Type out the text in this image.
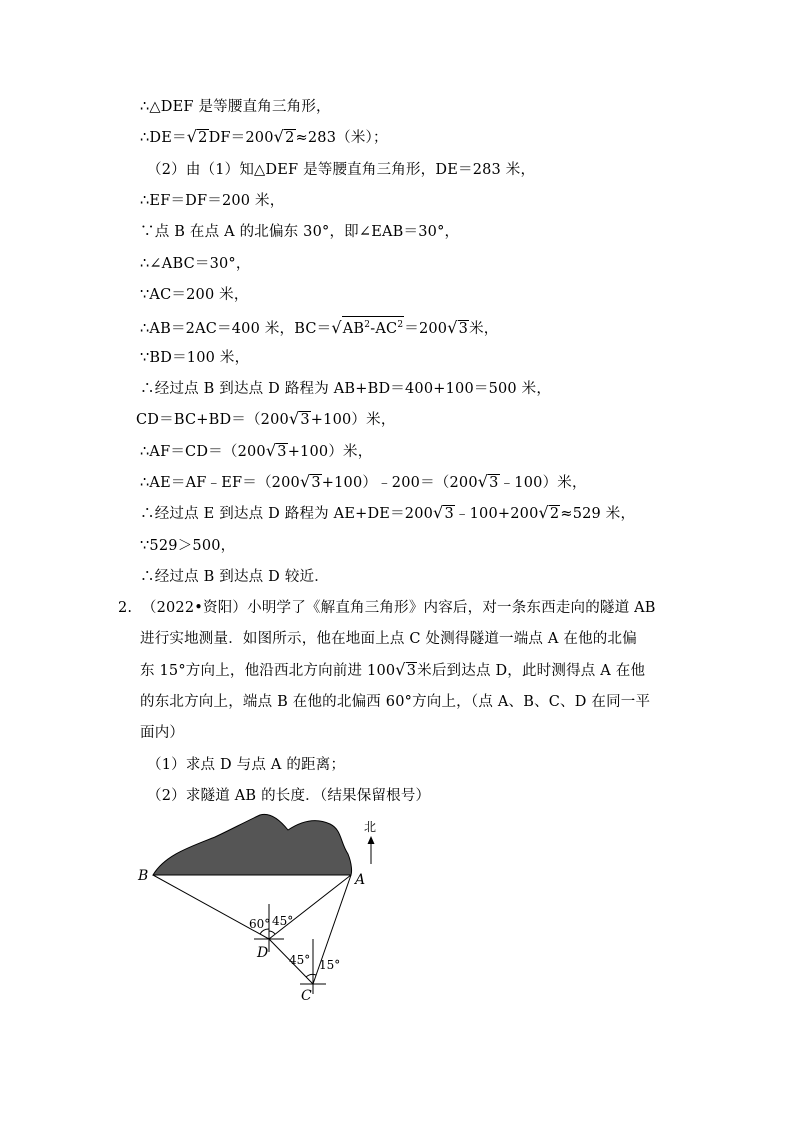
∴△DEF 是等腰直角三角形，
∴DE＝ √ 2 DF＝200 √ 2 ≈283（米）；
（2）由（1）知△DEF 是等腰直角三角形，DE＝283 米，
∴EF＝DF＝200 米，
∵点 B 在点 A 的北偏东 30°，即∠EAB＝30°，
∴∠ABC＝30°，
∵AC＝200 米，
∴AB＝2AC＝400 米，BC＝ √ $AB^2-AC^2 =200$ √ 3 米，
∵BD＝100 米，
∴经过点 B 到达点 D 路程为 AB+BD＝400+100＝500 米，
CD＝BC+BD＝（200 √ 3 +100）米，
∴AF＝CD＝（200 √ 3 +100）米，
∴AE＝AF﹣EF＝（200 √ 3 +100）﹣200＝（200 √ 3 ﹣100）米，
∴经过点 E 到达点 D 路程为 AE+DE＝200 √ 3 ﹣100+200 √ 2 ≈529 米，
∵529＞500，
∴经过点 B 到达点 D 较近．
2. （2022•资阳）小明学了《解直角三角形》内容后，对一条东西走向的隧道 AB
进行实地测量．如图所示，他在地面上点 C 处测得隧道一端点 A 在他的北偏
东 15°方向上，他沿西北方向前进 100 √ 3 米后到达点 D，此时测得点 A 在他
的东北方向上，端点 B 在他的北偏西 60°方向上，（点 A、B、C、D 在同一平
面内）
（1）求点 D 与点 A 的距离；
（2）求隧道 AB 的长度．（结果保留根号）
北
B	A
D
C
60° 45°
45° 15°
